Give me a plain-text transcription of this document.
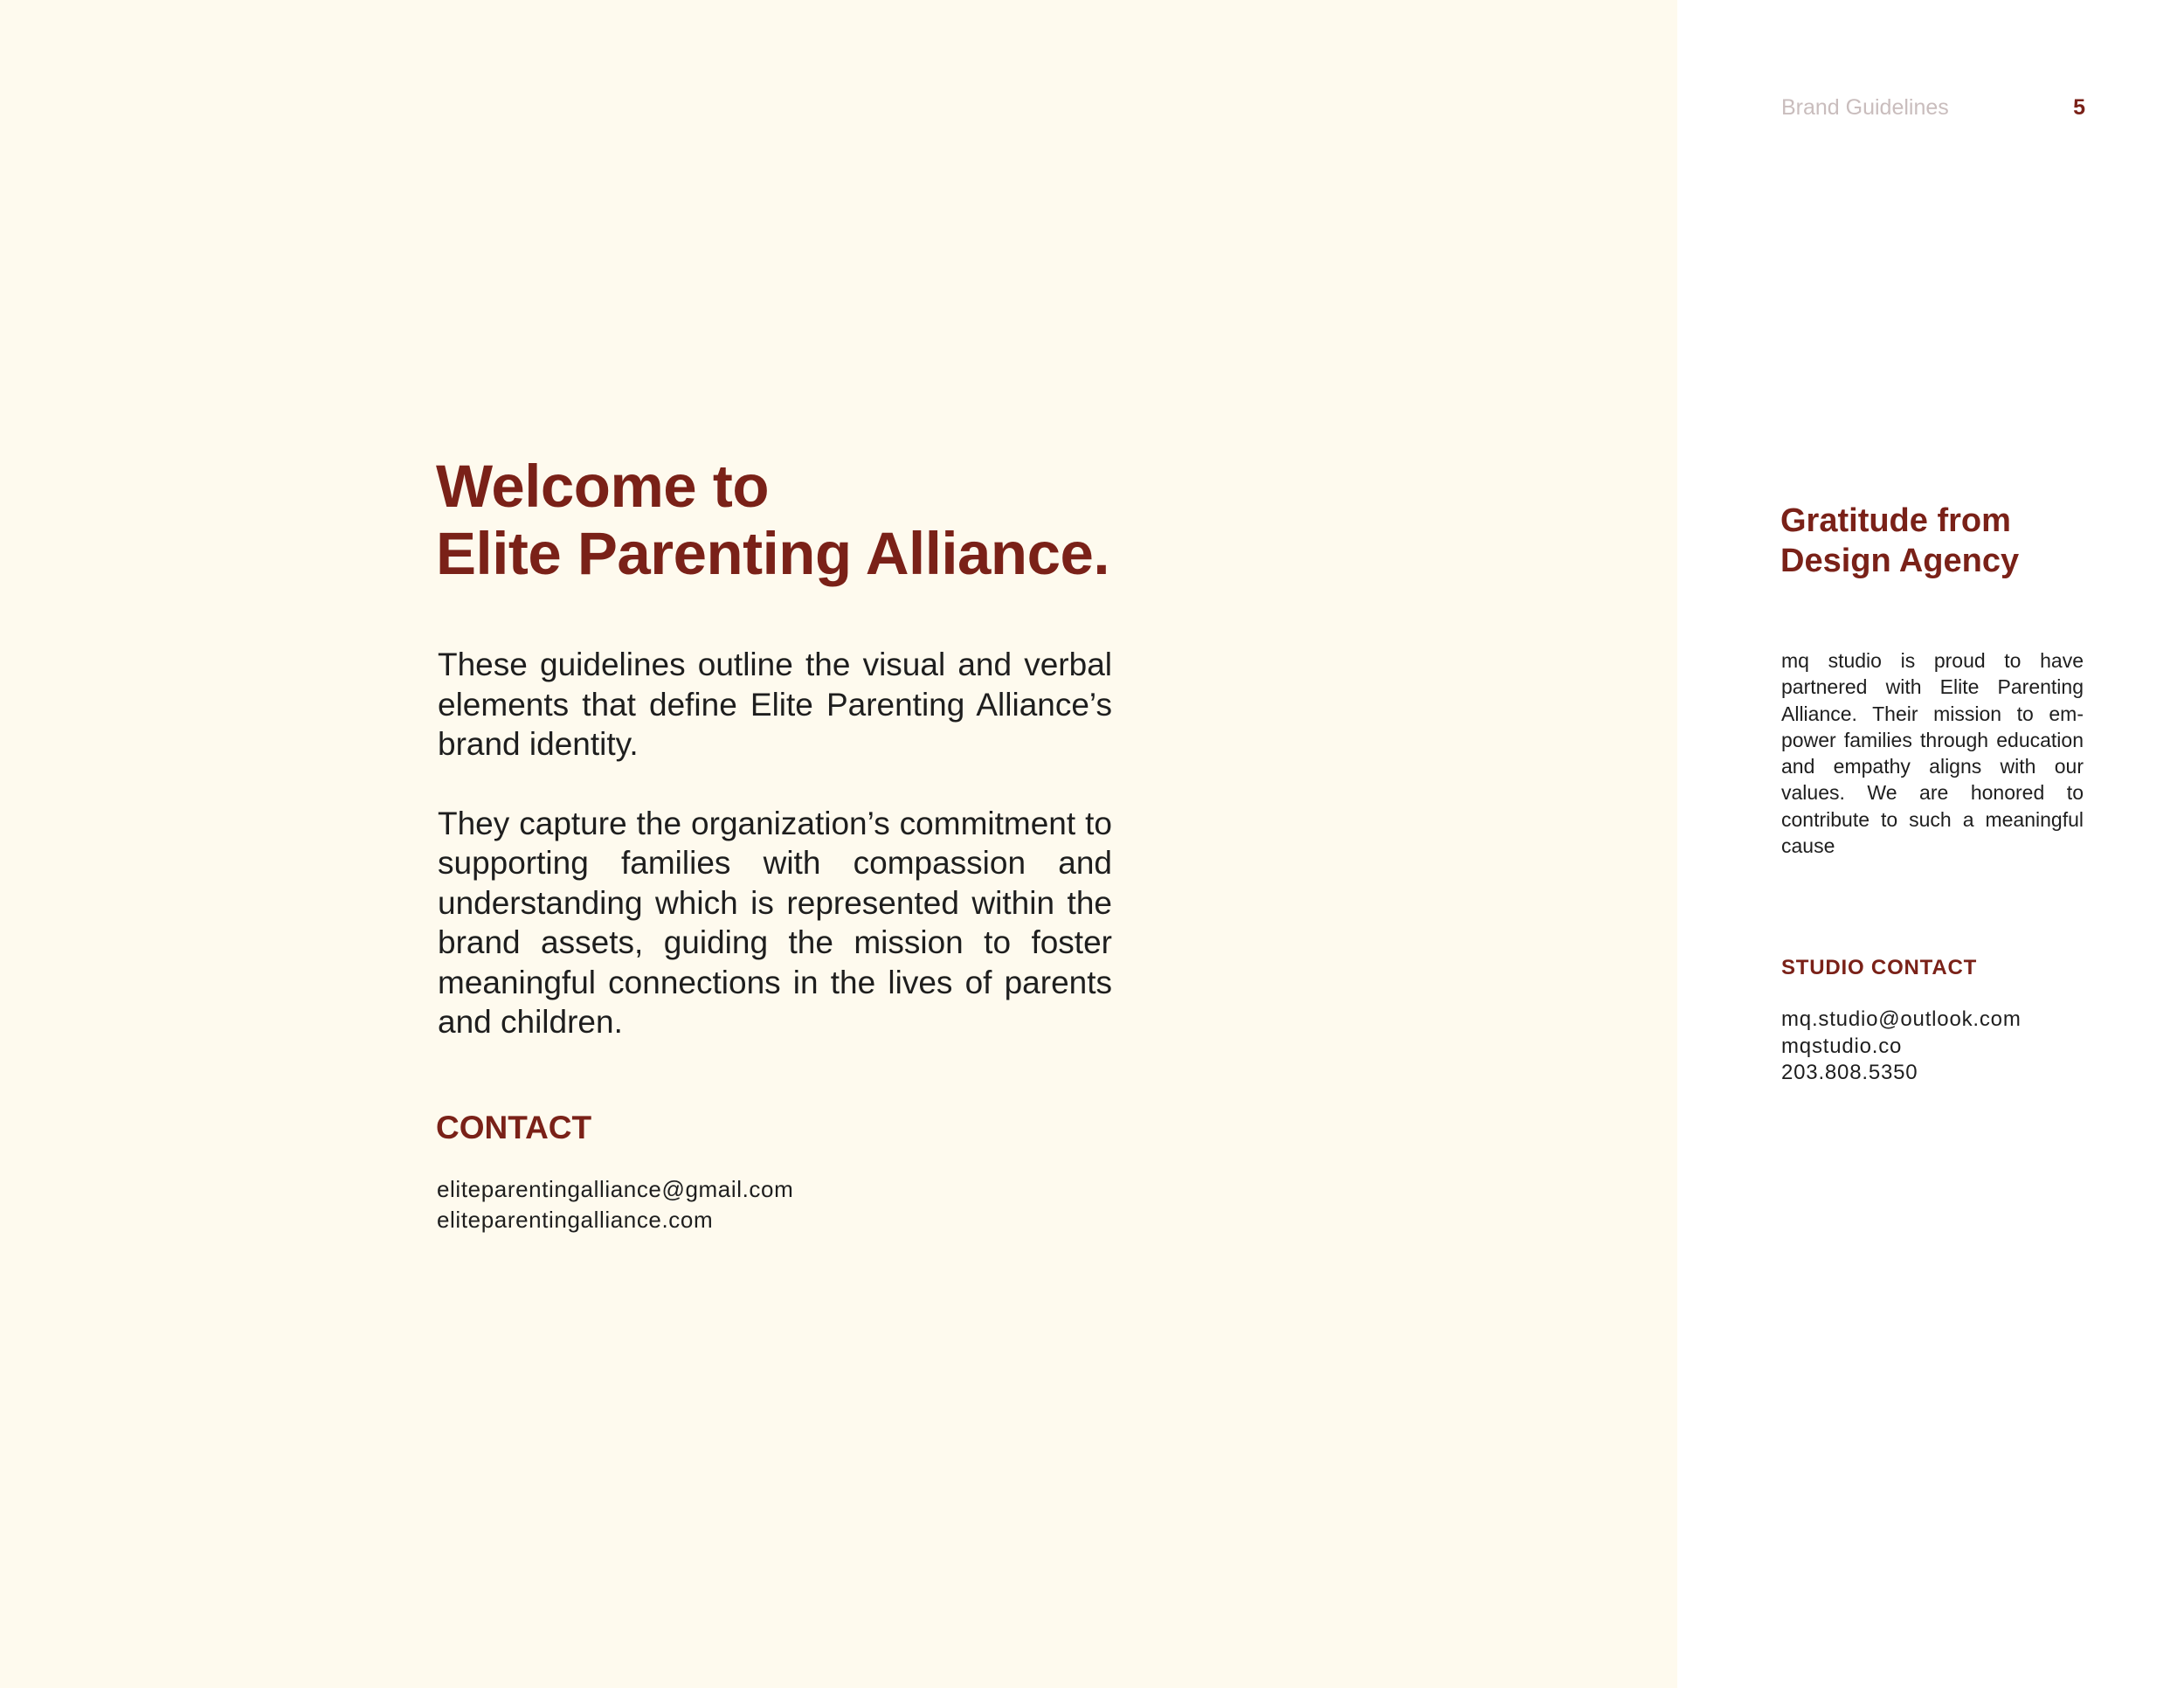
Brand Guidelines	5
Welcome to
Elite Parenting Alliance.

These guidelines outline the visual and verbal elements that define Elite Parenting Alliance’s brand identity.

They capture the organization’s commitment to supporting families with compassion and understanding which is represented within the brand assets, guiding the mission to foster meaningful connections in the lives of parents and children.

CONTACT
eliteparentingalliance@gmail.com
eliteparentingalliance.com
Gratitude from
Design Agency

mq studio is proud to have partnered with Elite Parenting Alliance. Their mission to empower families through education and empathy aligns with our values. We are honored to contribute to such a meaningful cause

STUDIO CONTACT
mq.studio@outlook.com
mqstudio.co
203.808.5350
